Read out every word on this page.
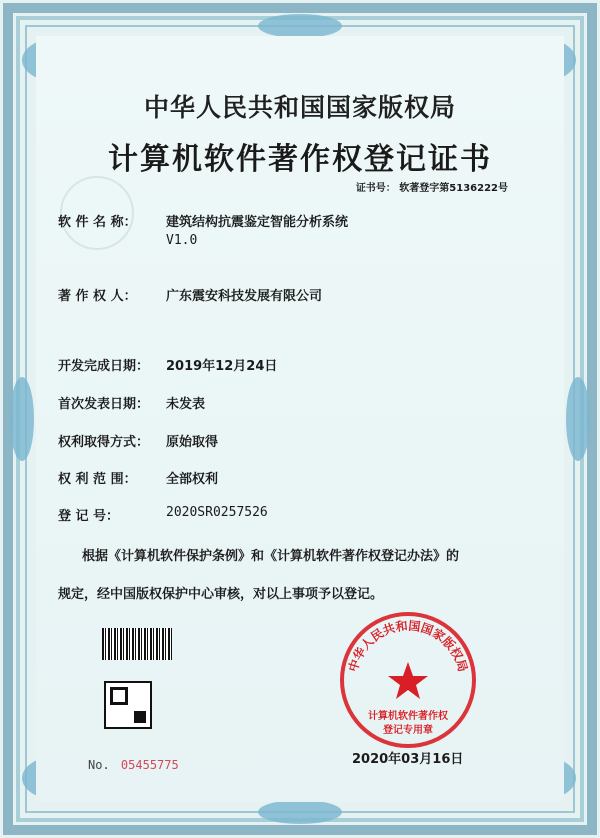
中华人民共和国国家版权局
计算机软件著作权登记证书
证书号： 软著登字第5136222号
软 件 名 称：	建筑结构抗震鉴定智能分析系统
V1.0
著 作 权 人：	广东震安科技发展有限公司
开发完成日期：	2019年12月24日
首次发表日期：	未发表
权利取得方式：	原始取得
权 利 范 围：	全部权利
登 记 号：	2020SR0257526
根据《计算机软件保护条例》和《计算机软件著作权登记办法》的
规定，经中国版权保护中心审核，对以上事项予以登记。
No. 05455775
中华人民共和国国家版权局
计算机软件著作权
登记专用章
2020年03月16日
